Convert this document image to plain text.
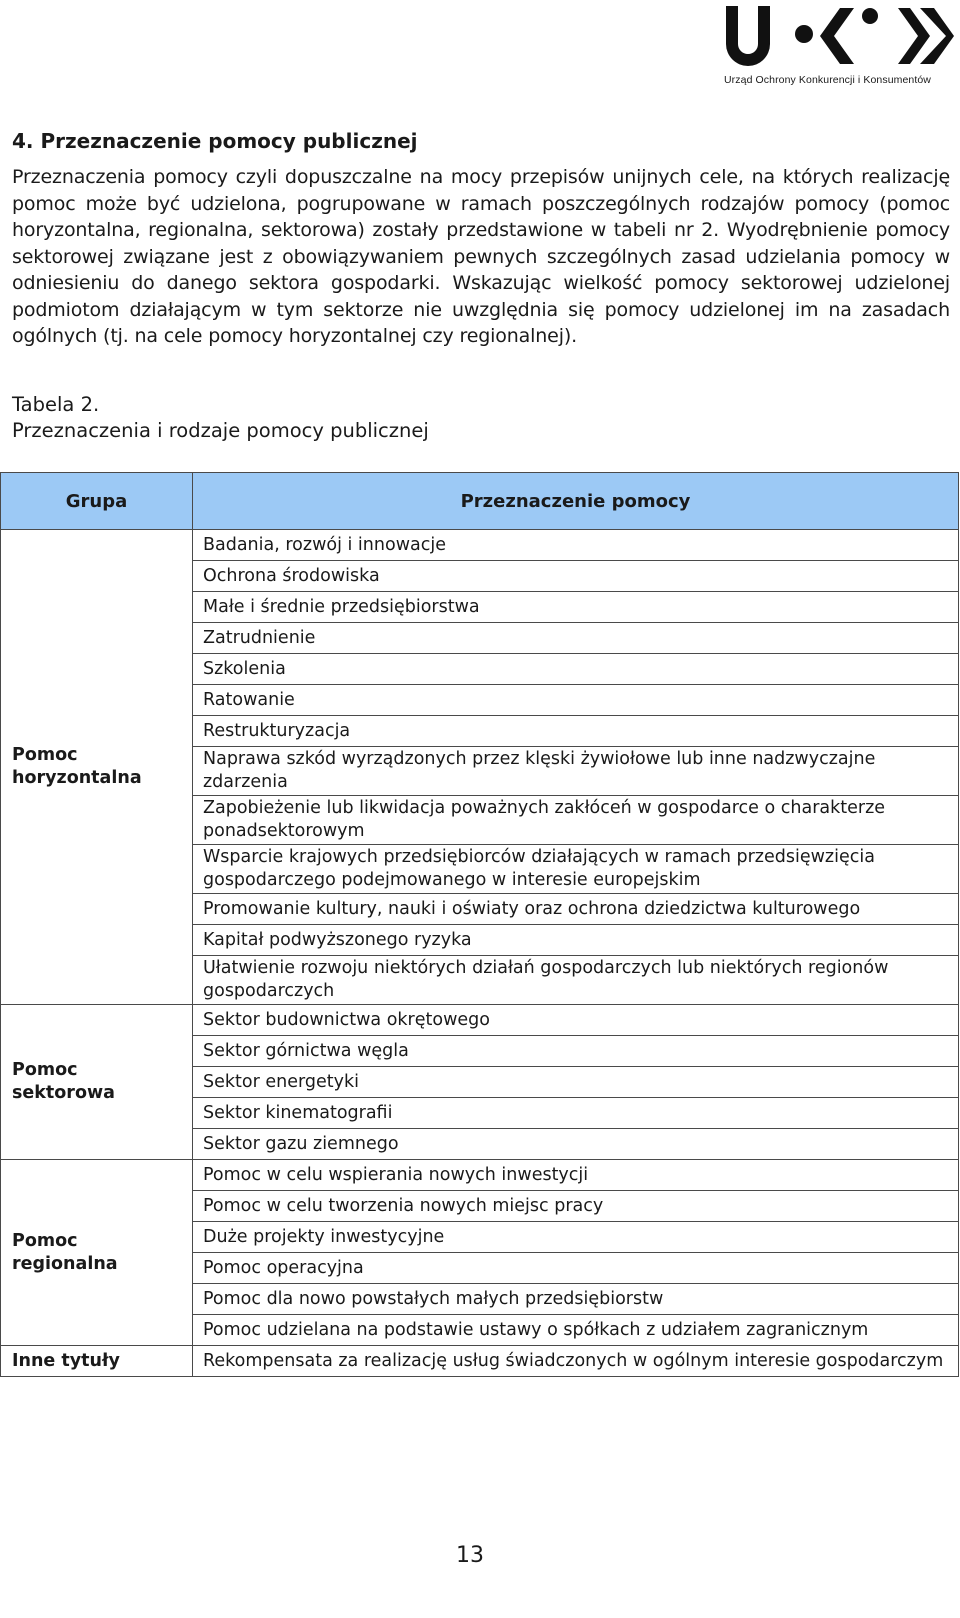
Urząd Ochrony Konkurencji i Konsumentów
4. Przeznaczenie pomocy publicznej

Przeznaczenia pomocy czyli dopuszczalne na mocy przepisów unijnych cele, na których realizację pomoc może być udzielona, pogrupowane w ramach poszczególnych rodzajów pomocy (pomoc horyzontalna, regionalna, sektorowa) zostały przedstawione w tabeli nr 2. Wyodrębnienie pomocy sektorowej związane jest z obowiązywaniem pewnych szczególnych zasad udzielania pomocy w odniesieniu do danego sektora gospodarki. Wskazując wielkość pomocy sektorowej udzielonej podmiotom działającym w tym sektorze nie uwzględnia się pomocy udzielonej im na zasadach ogólnych (tj. na cele pomocy horyzontalnej czy regionalnej).

Tabela 2.
Przeznaczenia i rodzaje pomocy publicznej
Grupa	Przeznaczenie pomocy
Pomoc horyzontalna	Badania, rozwój i innowacje
	Ochrona środowiska
	Małe i średnie przedsiębiorstwa
	Zatrudnienie
	Szkolenia
	Ratowanie
	Restrukturyzacja
	Naprawa szkód wyrządzonych przez klęski żywiołowe lub inne nadzwyczajne zdarzenia
	Zapobieżenie lub likwidacja poważnych zakłóceń w gospodarce o charakterze ponadsektorowym
	Wsparcie krajowych przedsiębiorców działających w ramach przedsięwzięcia gospodarczego podejmowanego w interesie europejskim
	Promowanie kultury, nauki i oświaty oraz ochrona dziedzictwa kulturowego
	Kapitał podwyższonego ryzyka
	Ułatwienie rozwoju niektórych działań gospodarczych lub niektórych regionów gospodarczych
Pomoc sektorowa	Sektor budownictwa okrętowego
	Sektor górnictwa węgla
	Sektor energetyki
	Sektor kinematografii
	Sektor gazu ziemnego
Pomoc regionalna	Pomoc w celu wspierania nowych inwestycji
	Pomoc w celu tworzenia nowych miejsc pracy
	Duże projekty inwestycyjne
	Pomoc operacyjna
	Pomoc dla nowo powstałych małych przedsiębiorstw
	Pomoc udzielana na podstawie ustawy o spółkach z udziałem zagranicznym
Inne tytuły	Rekompensata za realizację usług świadczonych w ogólnym interesie gospodarczym
13
